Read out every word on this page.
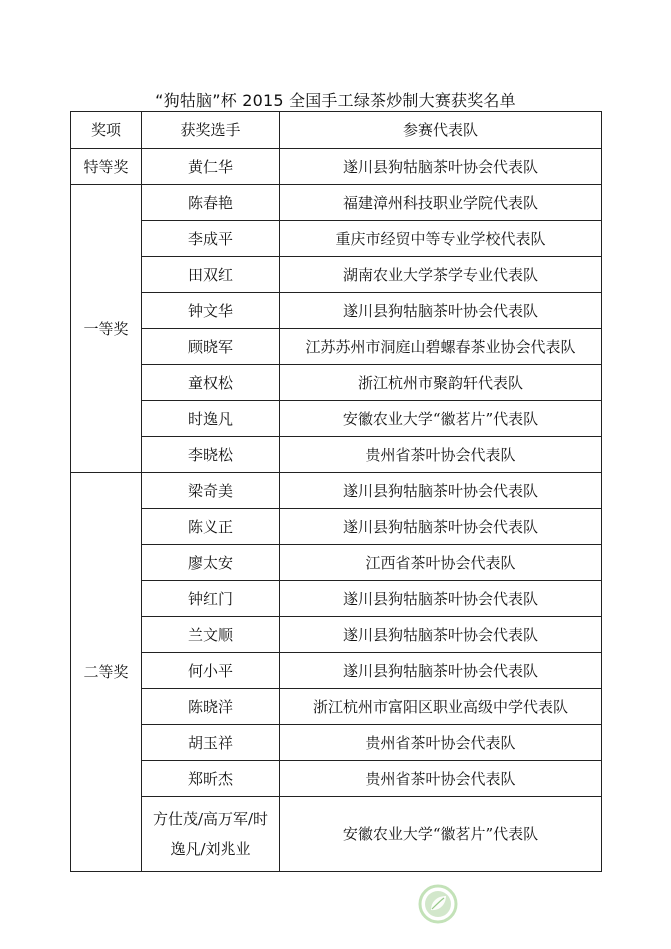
“狗牯脑”杯 2015 全国手工绿茶炒制大赛获奖名单
奖项	获奖选手	参赛代表队
特等奖	黄仁华	遂川县狗牯脑茶叶协会代表队
一等奖	陈春艳	福建漳州科技职业学院代表队
	李成平	重庆市经贸中等专业学校代表队
	田双红	湖南农业大学茶学专业代表队
	钟文华	遂川县狗牯脑茶叶协会代表队
	顾晓军	江苏苏州市洞庭山碧螺春茶业协会代表队
	童权松	浙江杭州市聚韵轩代表队
	时逸凡	安徽农业大学“徽茗片”代表队
	李晓松	贵州省茶叶协会代表队
二等奖	梁奇美	遂川县狗牯脑茶叶协会代表队
	陈义正	遂川县狗牯脑茶叶协会代表队
	廖太安	江西省茶叶协会代表队
	钟红门	遂川县狗牯脑茶叶协会代表队
	兰文顺	遂川县狗牯脑茶叶协会代表队
	何小平	遂川县狗牯脑茶叶协会代表队
	陈晓洋	浙江杭州市富阳区职业高级中学代表队
	胡玉祥	贵州省茶叶协会代表队
	郑昕杰	贵州省茶叶协会代表队
	方仕茂/高万军/时逸凡/刘兆业	安徽农业大学“徽茗片”代表队
